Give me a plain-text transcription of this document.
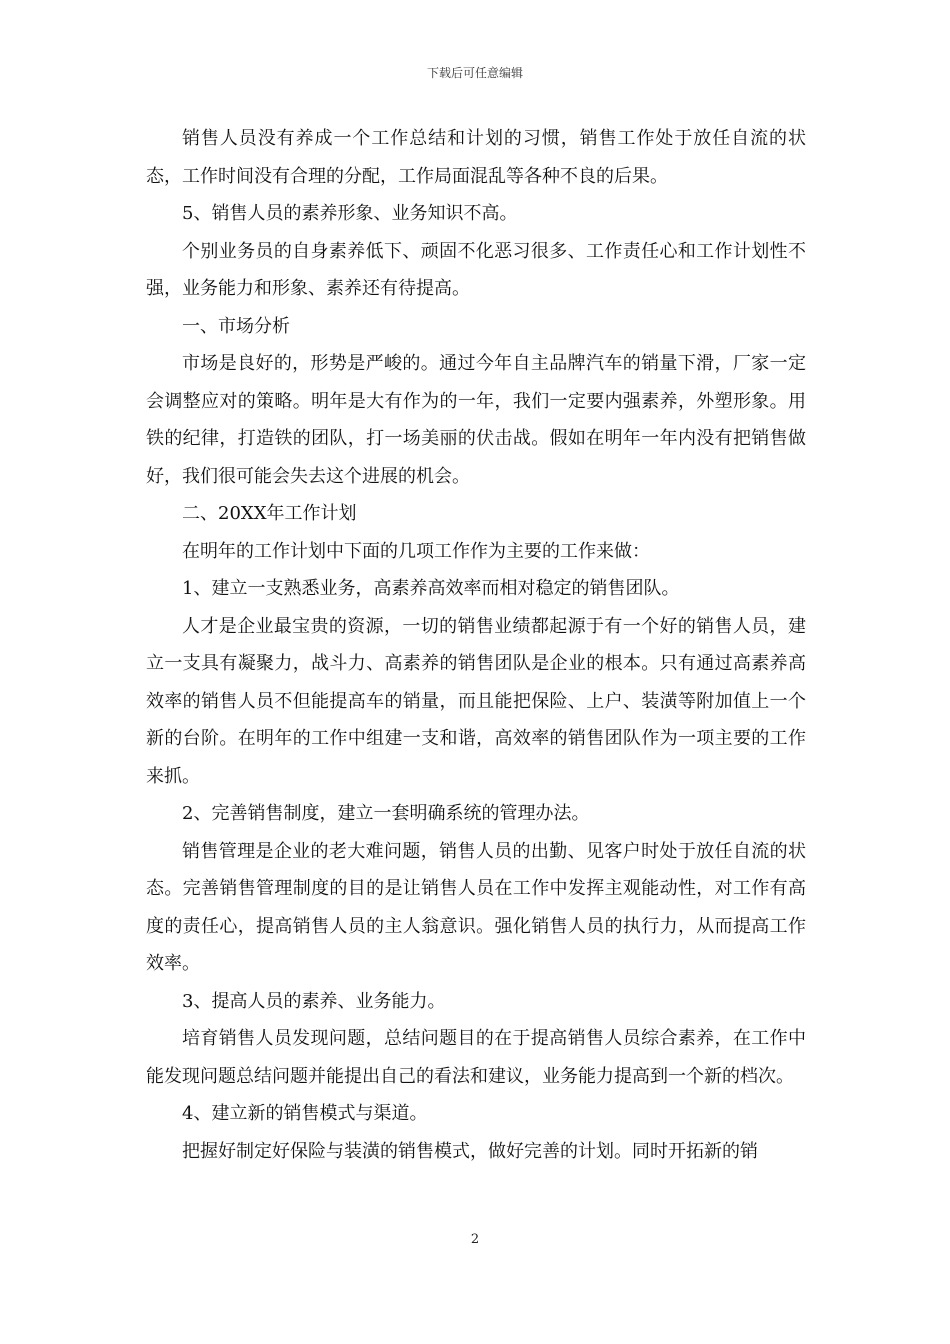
下载后可任意编辑

销售人员没有养成一个工作总结和计划的习惯，销售工作处于放任自流的状态，工作时间没有合理的分配，工作局面混乱等各种不良的后果。

5、销售人员的素养形象、业务知识不高。

个别业务员的自身素养低下、顽固不化恶习很多、工作责任心和工作计划性不强，业务能力和形象、素养还有待提高。

一、市场分析

市场是良好的，形势是严峻的。通过今年自主品牌汽车的销量下滑，厂家一定会调整应对的策略。明年是大有作为的一年，我们一定要内强素养，外塑形象。用铁的纪律，打造铁的团队，打一场美丽的伏击战。假如在明年一年内没有把销售做好，我们很可能会失去这个进展的机会。

二、20XX年工作计划

在明年的工作计划中下面的几项工作作为主要的工作来做：

1、建立一支熟悉业务，高素养高效率而相对稳定的销售团队。

人才是企业最宝贵的资源，一切的销售业绩都起源于有一个好的销售人员，建立一支具有凝聚力，战斗力、高素养的销售团队是企业的根本。只有通过高素养高效率的销售人员不但能提高车的销量，而且能把保险、上户、装潢等附加值上一个新的台阶。在明年的工作中组建一支和谐，高效率的销售团队作为一项主要的工作来抓。

2、完善销售制度，建立一套明确系统的管理办法。

销售管理是企业的老大难问题，销售人员的出勤、见客户时处于放任自流的状态。完善销售管理制度的目的是让销售人员在工作中发挥主观能动性，对工作有高度的责任心，提高销售人员的主人翁意识。强化销售人员的执行力，从而提高工作效率。

3、提高人员的素养、业务能力。

培育销售人员发现问题，总结问题目的在于提高销售人员综合素养，在工作中能发现问题总结问题并能提出自己的看法和建议，业务能力提高到一个新的档次。

4、建立新的销售模式与渠道。

把握好制定好保险与装潢的销售模式，做好完善的计划。同时开拓新的销

2
